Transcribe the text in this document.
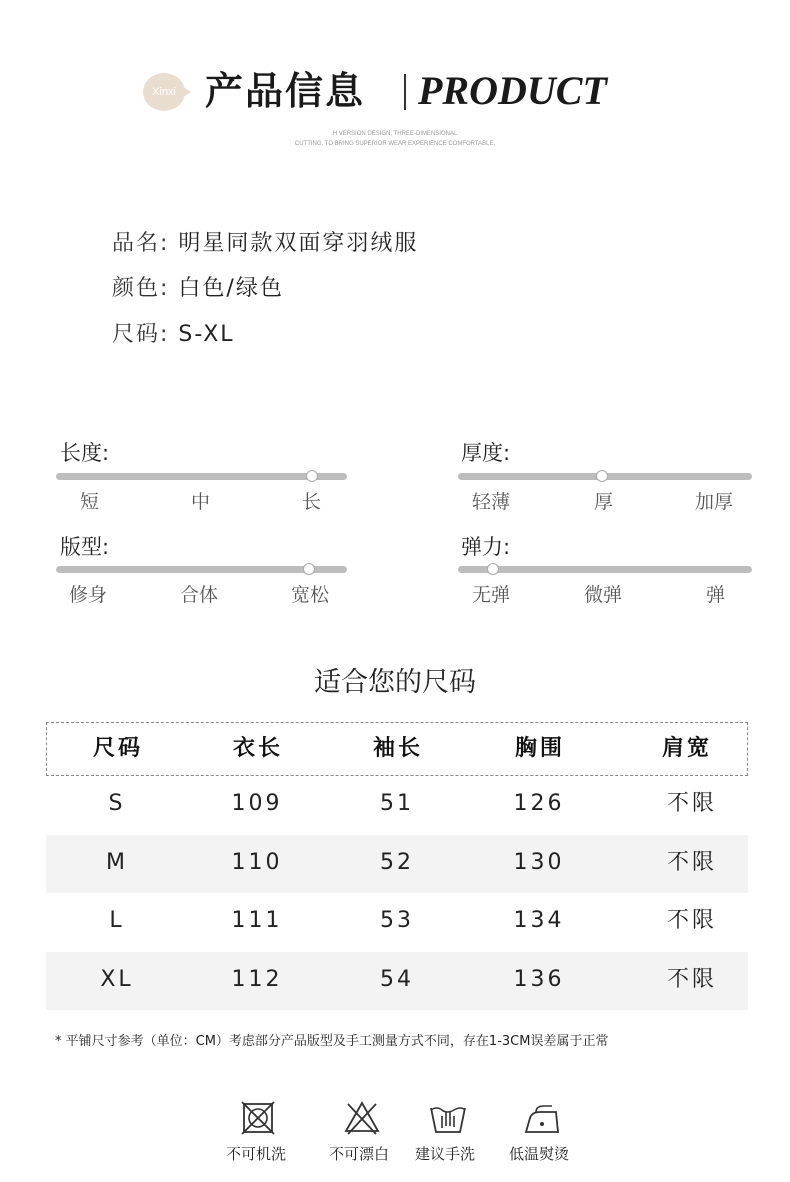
Xinxi 产品信息 PRODUCT
H VERSION DESIGN, THREE-DIMENSIONAL
CUTTING, TO BRING SUPERIOR WEAR EXPERIENCE COMFORTABLE,
品名: 明星同款双面穿羽绒服
颜色: 白色/绿色
尺码: S-XL
长度:
短	中	长
厚度:
轻薄	厚	加厚
版型:
修身	合体	宽松
弹力:
无弹	微弹	弹
适合您的尺码
尺码	衣长	袖长	胸围	肩宽
S	109	51	126	不限
M	110	52	130	不限
L	111	53	134	不限
XL	112	54	136	不限
* 平铺尺寸参考（单位：CM）考虑部分产品版型及手工测量方式不同，存在1-3CM误差属于正常
不可机洗	不可漂白 建议手洗 低温熨烫
